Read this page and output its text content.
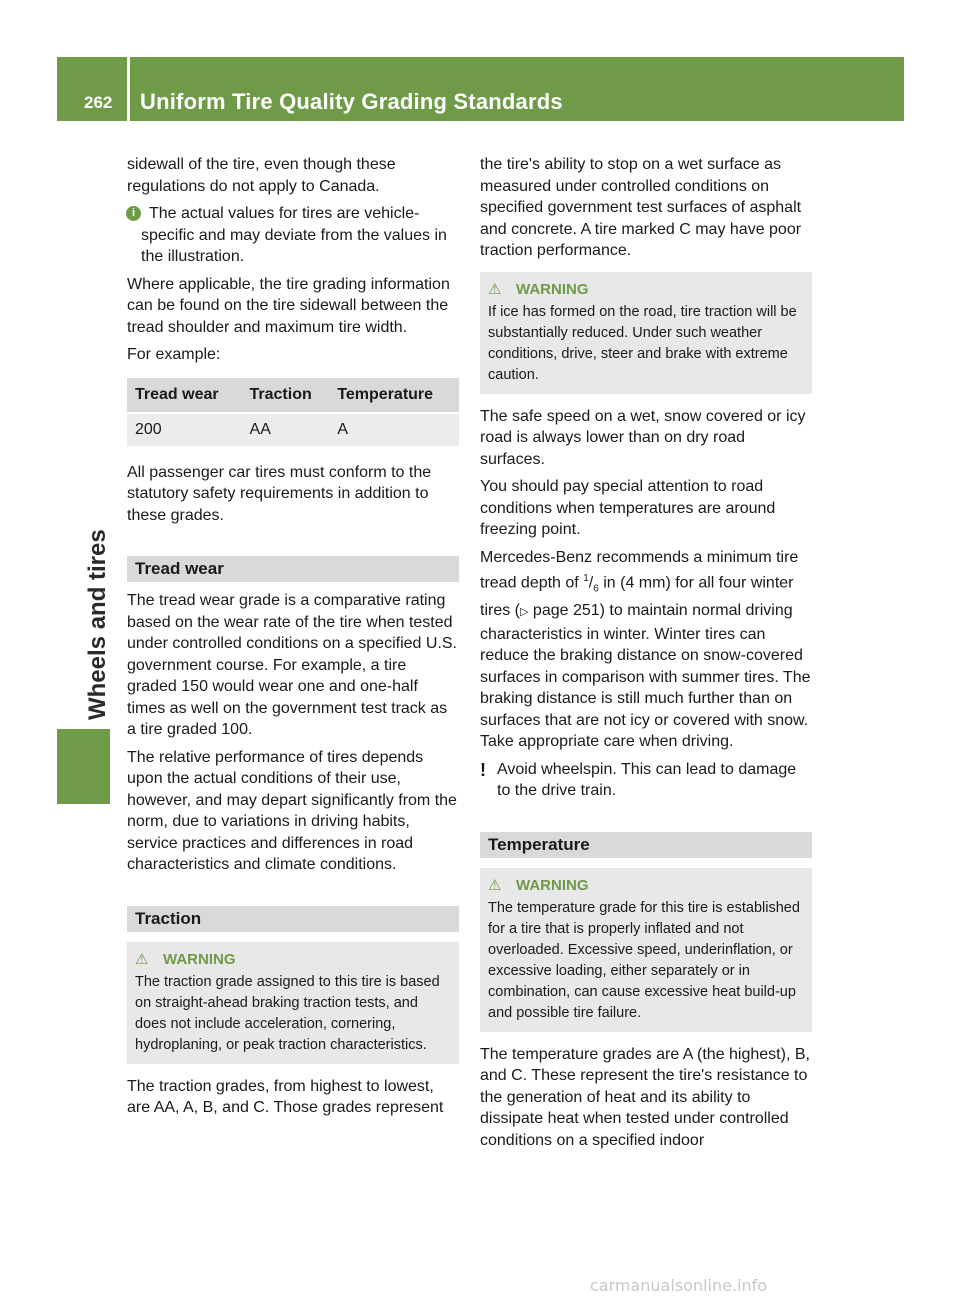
262 Uniform Tire Quality Grading Standards
Wheels and tires

sidewall of the tire, even though these regulations do not apply to Canada.

i The actual values for tires are vehicle-specific and may deviate from the values in the illustration.

Where applicable, the tire grading information can be found on the tire sidewall between the tread shoulder and maximum tire width.

For example:

Tread wear	Traction	Temperature
200	AA	A

All passenger car tires must conform to the statutory safety requirements in addition to these grades.

Tread wear

The tread wear grade is a comparative rating based on the wear rate of the tire when tested under controlled conditions on a specified U.S. government course. For example, a tire graded 150 would wear one and one-half times as well on the government test track as a tire graded 100.

The relative performance of tires depends upon the actual conditions of their use, however, and may depart significantly from the norm, due to variations in driving habits, service practices and differences in road characteristics and climate conditions.

Traction
⚠ WARNING
The traction grade assigned to this tire is based on straight-ahead braking traction tests, and does not include acceleration, cornering, hydroplaning, or peak traction characteristics.

The traction grades, from highest to lowest, are AA, A, B, and C. Those grades represent

the tire's ability to stop on a wet surface as measured under controlled conditions on specified government test surfaces of asphalt and concrete. A tire marked C may have poor traction performance.

⚠ WARNING
If ice has formed on the road, tire traction will be substantially reduced. Under such weather conditions, drive, steer and brake with extreme caution.

The safe speed on a wet, snow covered or icy road is always lower than on dry road surfaces.

You should pay special attention to road conditions when temperatures are around freezing point.

Mercedes-Benz recommends a minimum tire tread depth of $^1/_6$ in (4 mm) for all four winter tires (▷ page 251) to maintain normal driving characteristics in winter. Winter tires can reduce the braking distance on snow-covered surfaces in comparison with summer tires. The braking distance is still much further than on surfaces that are not icy or covered with snow. Take appropriate care when driving.

! Avoid wheelspin. This can lead to damage to the drive train.
Temperature
⚠ WARNING
The temperature grade for this tire is established for a tire that is properly inflated and not overloaded. Excessive speed, underinflation, or excessive loading, either separately or in combination, can cause excessive heat build-up and possible tire failure.

The temperature grades are A (the highest), B, and C. These represent the tire's resistance to the generation of heat and its ability to dissipate heat when tested under controlled conditions on a specified indoor

carmanualsonline.info
